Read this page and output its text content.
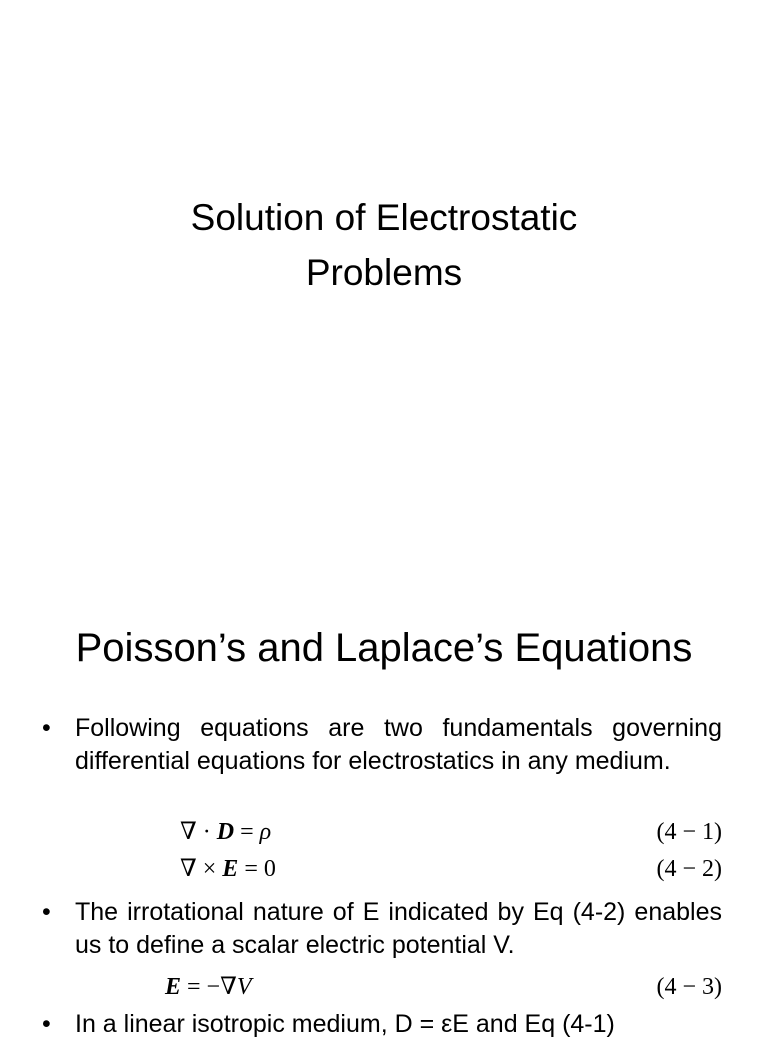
Solution of Electrostatic
Problems
Poisson’s and Laplace’s Equations
• Following equations are two fundamentals governing differential equations for electrostatics in any medium.
∇ · D = ρ	(4 − 1)
∇ × E = 0	(4 − 2)
• The irrotational nature of E indicated by Eq (4-2) enables us to define a scalar electric potential V.
E = −∇V	(4 − 3)
• In a linear isotropic medium, D = εE and Eq (4-1)
